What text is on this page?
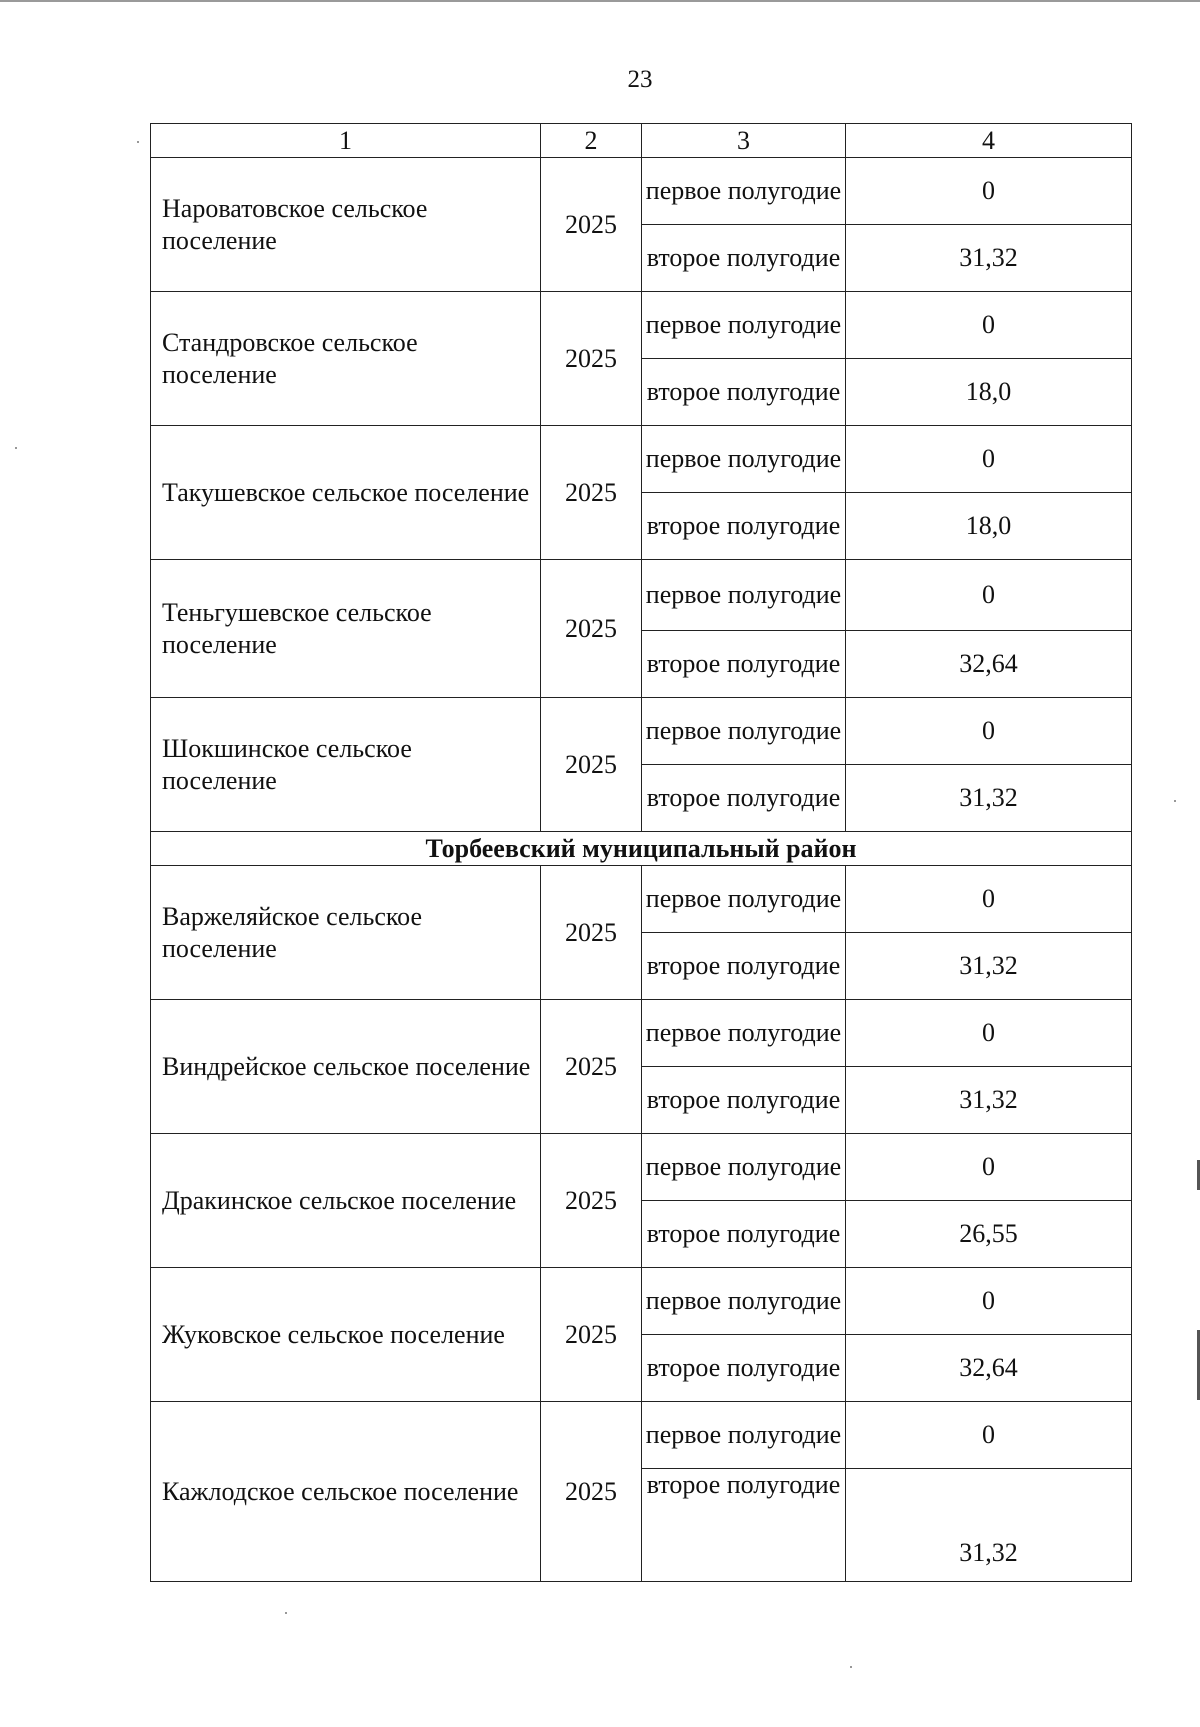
23
1	2	3	4
Нароватовское сельское поселение	2025	первое полугодие	0
		второе полугодие	31,32
Стандровское сельское поселение	2025	первое полугодие	0
		второе полугодие	18,0
Такушевское сельское поселение	2025	первое полугодие	0
		второе полугодие	18,0
Теньгушевское сельское поселение	2025	первое полугодие	0
		второе полугодие	32,64
Шокшинское сельское поселение	2025	первое полугодие	0
		второе полугодие	31,32
Торбеевский муниципальный район			
Варжеляйское сельское поселение	2025	первое полугодие	0
		второе полугодие	31,32
Виндрейское сельское поселение	2025	первое полугодие	0
		второе полугодие	31,32
Дракинское сельское поселение	2025	первое полугодие	0
		второе полугодие	26,55
Жуковское сельское поселение	2025	первое полугодие	0
		второе полугодие	32,64
Кажлодское сельское поселение	2025	первое полугодие	0
		второе полугодие	31,32
